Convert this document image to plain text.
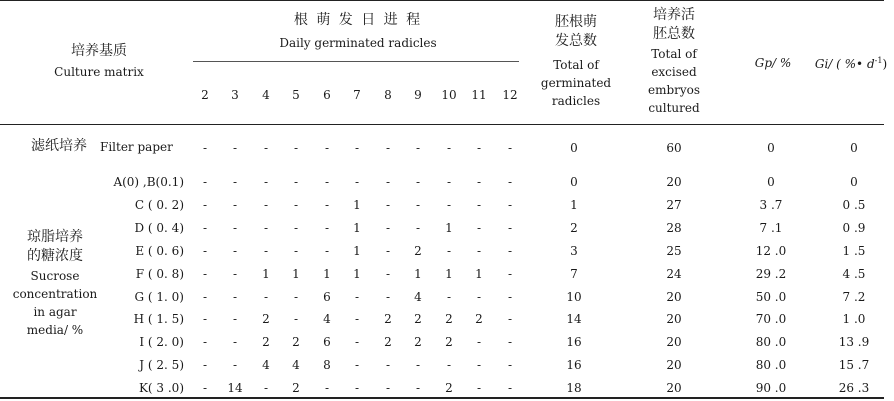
培养基质
Culture matrix
根 萌 发 日 进 程
Daily germinated radicles
2 3 4 5 6 7 8 9 10 11 12
胚根萌
发总数
Total of
germinated
radicles
培养活
胚总数
Total of
excised
embryos
cultured
Gp/ % Gi/ ( %• $d^{-1}$)
滤纸培养 Filter paper	- - - - - - - - - - -	0	60	0	0
琼脂培养
的糖浓度
Sucrose
concentration
in agar
media/ %
A(0) ,B(0.1) - - - - - - - - - - -	0	20	0	0
C ( 0. 2) - - - - - 1 - - - - -	1	27	3 .7	0 .5
D ( 0. 4) - - - - - 1 - - 1 - -	2	28	7 .1	0 .9
E ( 0. 6) - - - - - 1 - 2 - - -	3	25	12 .0	1 .5
F ( 0. 8) - - 1 1 1 1 - 1 1 1 -	7	24	29 .2	4 .5
G ( 1. 0) - - - - 6 - - 4 - - -	10	20	50 .0	7 .2
H ( 1. 5) - - 2 - 4 - 2 2 2 2 -	14	20	70 .0	1 .0
I ( 2. 0) - - 2 2 6 - 2 2 2 - -	16	20	80 .0	13 .9
J ( 2. 5) - - 4 4 8 - - - - - -	16	20	80 .0	15 .7
K( 3 .0) - 14 - 2 - - - - 2 - -	18	20	90 .0	26 .3
